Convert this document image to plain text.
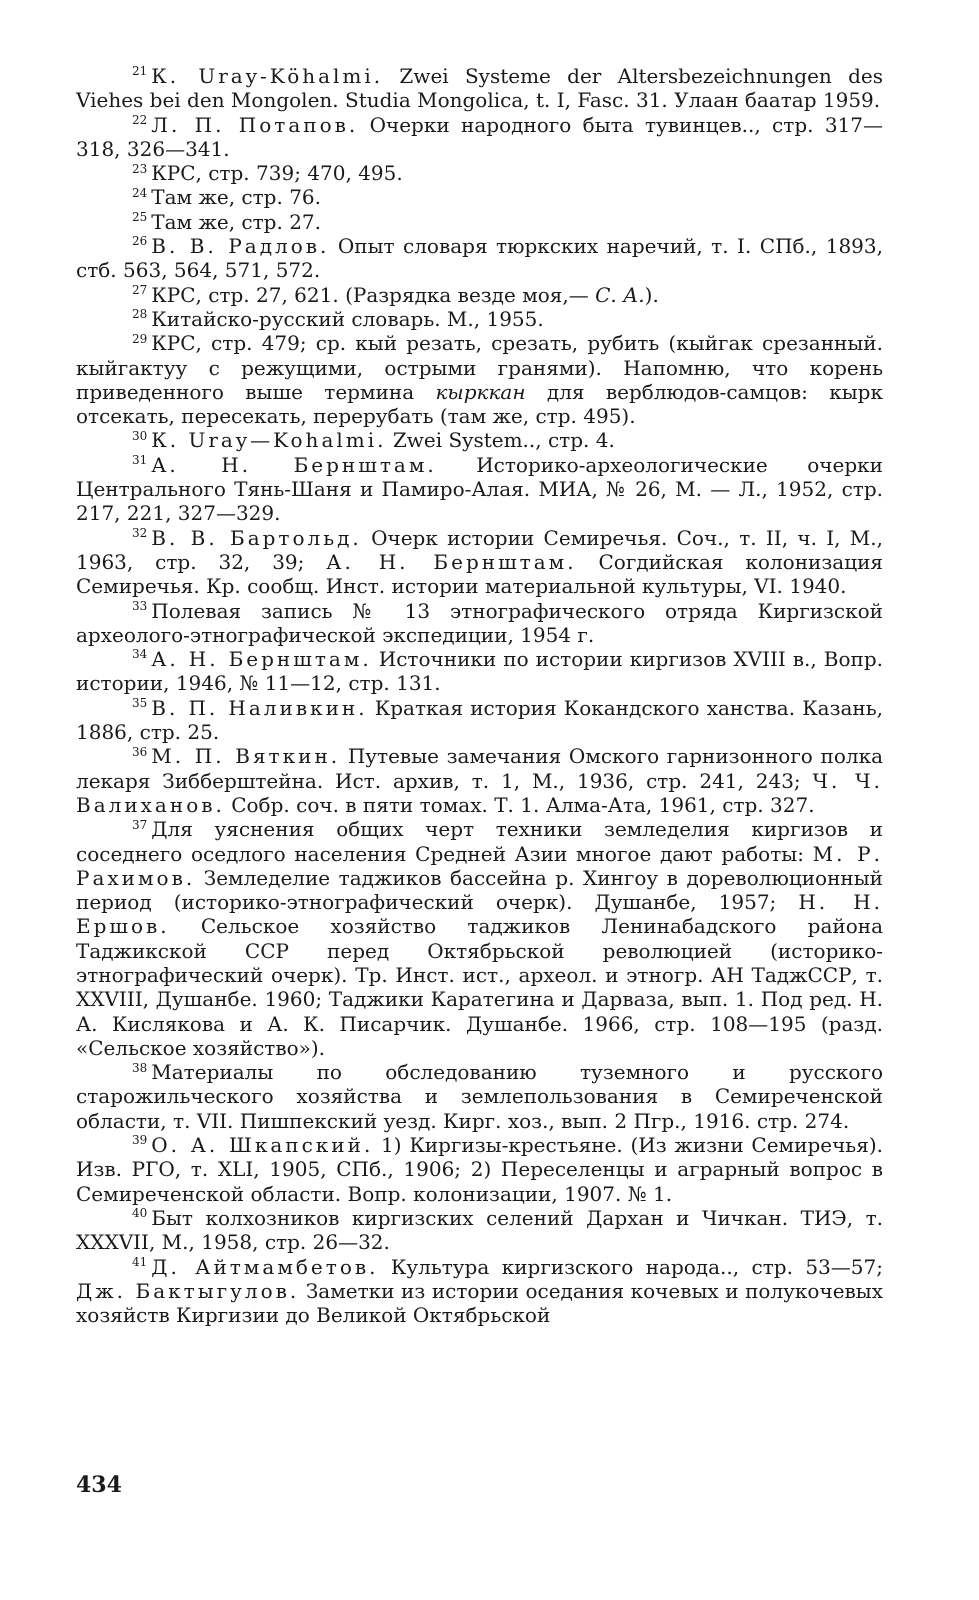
$^{21}$ К. Uray-Köhalmi. Zwei Systeme der Altersbezeichnungen des Viehes bei den Mongolen. Studia Mongolica, t. I, Fasc. 31. Улаан баатар 1959.

$^{22}$ Л. П. Потапов. Очерки народного быта тувинцев.., стр. 317—318, 326—341.

$^{23}$ КРС, стр. 739; 470, 495.

$^{24}$ Там же, стр. 76.

$^{25}$ Там же, стр. 27.

$^{26}$ В. В. Радлов. Опыт словаря тюркских наречий, т. I. СПб., 1893, стб. 563, 564, 571, 572.

$^{27}$ КРС, стр. 27, 621. (Разрядка везде моя,— С. А.).

$^{28}$ Китайско-русский словарь. М., 1955.

$^{29}$ КРС, стр. 479; ср. кый резать, срезать, рубить (кыйгак срезанный. кыйгактуу с режущими, острыми гранями). Напомню, что корень приведенного выше термина кырккан для верблюдов-самцов: кырк отсекать, пересекать, перерубать (там же, стр. 495).

$^{30}$ К. Uray—Kohalmi. Zwei System.., стр. 4.

$^{31}$ А. Н. Бернштам. Историко-археологические очерки Центрального Тянь-Шаня и Памиро-Алая. МИА, № 26, М. — Л., 1952, стр. 217, 221, 327—329.

$^{32}$ В. В. Бартольд. Очерк истории Семиречья. Соч., т. II, ч. I, М., 1963, стр. 32, 39; А. Н. Бернштам. Согдийская колонизация Семиречья. Кр. сообщ. Инст. истории материальной культуры, VI. 1940.

$^{33}$ Полевая запись № 13 этнографического отряда Киргизской археолого-этнографической экспедиции, 1954 г.

$^{34}$ А. Н. Бернштам. Источники по истории киргизов XVIII в., Вопр. истории, 1946, № 11—12, стр. 131.

$^{35}$ В. П. Наливкин. Краткая история Кокандского ханства. Казань, 1886, стр. 25.

$^{36}$ М. П. Вяткин. Путевые замечания Омского гарнизонного полка лекаря Зибберштейна. Ист. архив, т. 1, М., 1936, стр. 241, 243; Ч. Ч. Валиханов. Собр. соч. в пяти томах. Т. 1. Алма-Ата, 1961, стр. 327.

$^{37}$ Для уяснения общих черт техники земледелия киргизов и соседнего оседлого населения Средней Азии многое дают работы: М. Р. Рахимов. Земледелие таджиков бассейна р. Хингоу в дореволюционный период (историко-этнографический очерк). Душанбе, 1957; Н. Н. Ершов. Сельское хозяйство таджиков Ленинабадского района Таджикской ССР перед Октябрьской революцией (историко-этнографический очерк). Тр. Инст. ист., археол. и этногр. АН ТаджССР, т. XXVIII, Душанбе. 1960; Таджики Каратегина и Дарваза, вып. 1. Под ред. Н. А. Кислякова и А. К. Писарчик. Душанбе. 1966, стр. 108—195 (разд. «Сельское хозяйство»).

$^{38}$ Материалы по обследованию туземного и русского старожильческого хозяйства и землепользования в Семиреченской области, т. VII. Пишпекский уезд. Кирг. хоз., вып. 2 Пгр., 1916. стр. 274.

$^{39}$ О. А. Шкапский. 1) Киргизы-крестьяне. (Из жизни Семиречья). Изв. РГО, т. XLI, 1905, СПб., 1906; 2) Переселенцы и аграрный вопрос в Семиреченской области. Вопр. колонизации, 1907. № 1.

$^{40}$ Быт колхозников киргизских селений Дархан и Чичкан. ТИЭ, т. XXXVII, М., 1958, стр. 26—32.

$^{41}$ Д. Айтмамбетов. Культура киргизского народа.., стр. 53—57; Дж. Бактыгулов. Заметки из истории оседания кочевых и полукочевых хозяйств Киргизии до Великой Октябрьской

434
